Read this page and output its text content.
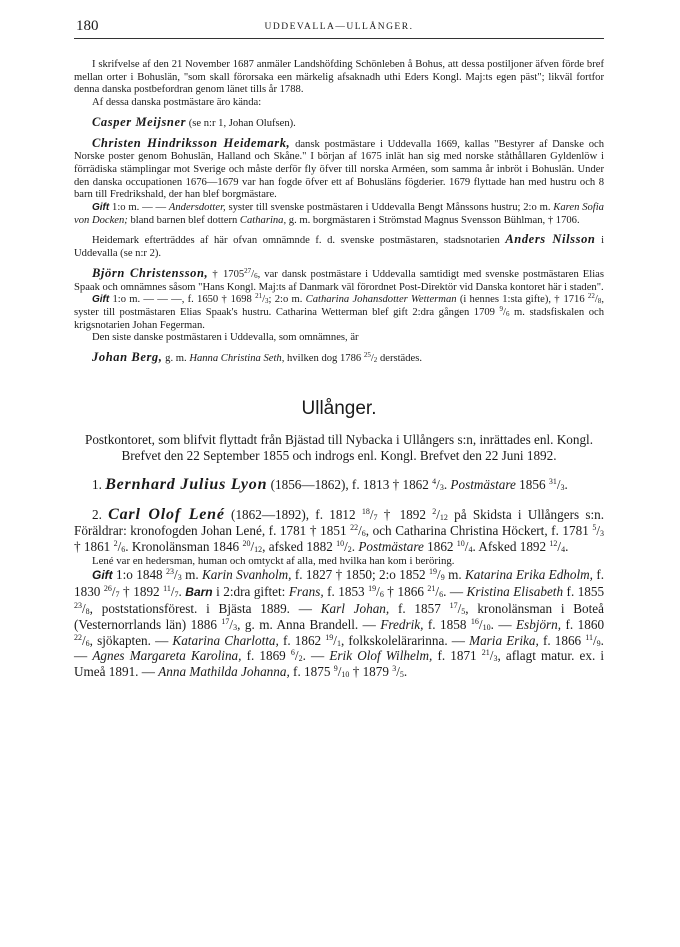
180	UDDEVALLA—ULLÅNGER.

I skrifvelse af den 21 November 1687 anmäler Landshöfding Schönleben å Bohus, att dessa postiljoner äfven förde bref mellan orter i Bohuslän, "som skall förorsaka een märkelig afsaknadh uthi Eders Kongl. Maj:ts egen päst"; likväl fortfor denna danska postbefordran genom länet tills år 1788.

Af dessa danska postmästare äro kända:

Casper Meijsner (se n:r 1, Johan Olufsen).

Christen Hindriksson Heidemark, dansk postmästare i Uddevalla 1669, kallas "Bestyrer af Danske och Norske poster genom Bohuslän, Halland och Skåne." I början af 1675 inlät han sig med norske ståthållaren Gyldenlöw i förrädiska stämplingar mot Sverige och måste derför fly öfver till norska Arméen, som samma år inbröt i Bohuslän. Under den danska occupationen 1676—1679 var han fogde öfver ett af Bohusläns fögderier. 1679 flyttade han med hustru och 8 barn till Fredrikshald, der han blef borgmästare.

Gift 1:o m. — — Andersdotter, syster till svenske postmästaren i Uddevalla Bengt Månssons hustru; 2:o m. Karen Sofia von Docken; bland barnen blef dottern Catharina, g. m. borgmästaren i Strömstad Magnus Svensson Bühlman, † 1706.

Heidemark efterträddes af här ofvan omnämnde f. d. svenske postmästaren, stadsnotarien Anders Nilsson i Uddevalla (se n:r 2).

Björn Christensson, † $1705^{27}/_6$, var dansk postmästare i Uddevalla samtidigt med svenske postmästaren Elias Spaak och omnämnes såsom "Hans Kongl. Maj:ts af Danmark väl förordnet Post-Direktör vid Danska kontoret här i staden".

Gift 1:o m. — — —, f. 1650 † 1698 $^{21}/_3$; 2:o m. Catharina Johansdotter Wetterman (i hennes 1:sta gifte), † 1716 $^{22}/_8$, syster till postmästaren Elias Spaak's hustru. Catharina Wetterman blef gift 2:dra gången 1709 $^9/_6$ m. stadsfiskalen och krigsnotarien Johan Fegerman.

Den siste danske postmästaren i Uddevalla, som omnämnes, är

Johan Berg, g. m. Hanna Christina Seth, hvilken dog 1786 $^{25}/_2$ derstädes.

Ullånger.

Postkontoret, som blifvit flyttadt från Bjästad till Nybacka i Ullångers s:n, inrättades enl. Kongl. Brefvet den 22 September 1855 och indrogs enl. Kongl. Brefvet den 22 Juni 1892.

1. Bernhard Julius Lyon (1856—1862), f. 1813 † 1862 $^4/_3$. Postmästare 1856 $^{31}/_3$.

2. Carl Olof Lené (1862—1892), f. 1812 $^{18}/_7$ † 1892 $^2/_{12}$ på Skidsta i Ullångers s:n. Föräldrar: kronofogden Johan Lené, f. 1781 † 1851 $^{22}/_6$, och Catharina Christina Höckert, f. 1781 $^5/_3$ † 1861 $^2/_6$. Kronolänsman 1846 $^{20}/_{12}$, afsked 1882 $^{10}/_2$. Postmästare 1862 $^{10}/_4$. Afsked 1892 $^{12}/_4$.

Lené var en hedersman, human och omtyckt af alla, med hvilka han kom i beröring.

Gift 1:o 1848 $^{23}/_3$ m. Karin Svanholm, f. 1827 † 1850; 2:o 1852 $^{19}/_9$ m. Katarina Erika Edholm, f. 1830 $^{26}/_7$ † 1892 $^{11}/_7$. Barn i 2:dra giftet: Frans, f. 1853 $^{19}/_6$ † 1866 $^{21}/_6$. — Kristina Elisabeth f. 1855 $^{23}/_8$, poststationsförest. i Bjästa 1889. — Karl Johan, f. 1857 $^{17}/_5$, kronolänsman i Boteå (Vesternorrlands län) 1886 $^{17}/_3$, g. m. Anna Brandell. — Fredrik, f. 1858 $^{16}/_{10}$. — Esbjörn, f. 1860 $^{22}/_6$, sjökapten. — Katarina Charlotta, f. 1862 $^{19}/_1$, folkskolelärarinna. — Maria Erika, f. 1866 $^{11}/_9$. — Agnes Margareta Karolina, f. 1869 $^6/_2$. — Erik Olof Wilhelm, f. 1871 $^{21}/_3$, aflagt matur. ex. i Umeå 1891. — Anna Mathilda Johanna, f. 1875 $^9/_{10}$ † 1879 $^3/_5$.
